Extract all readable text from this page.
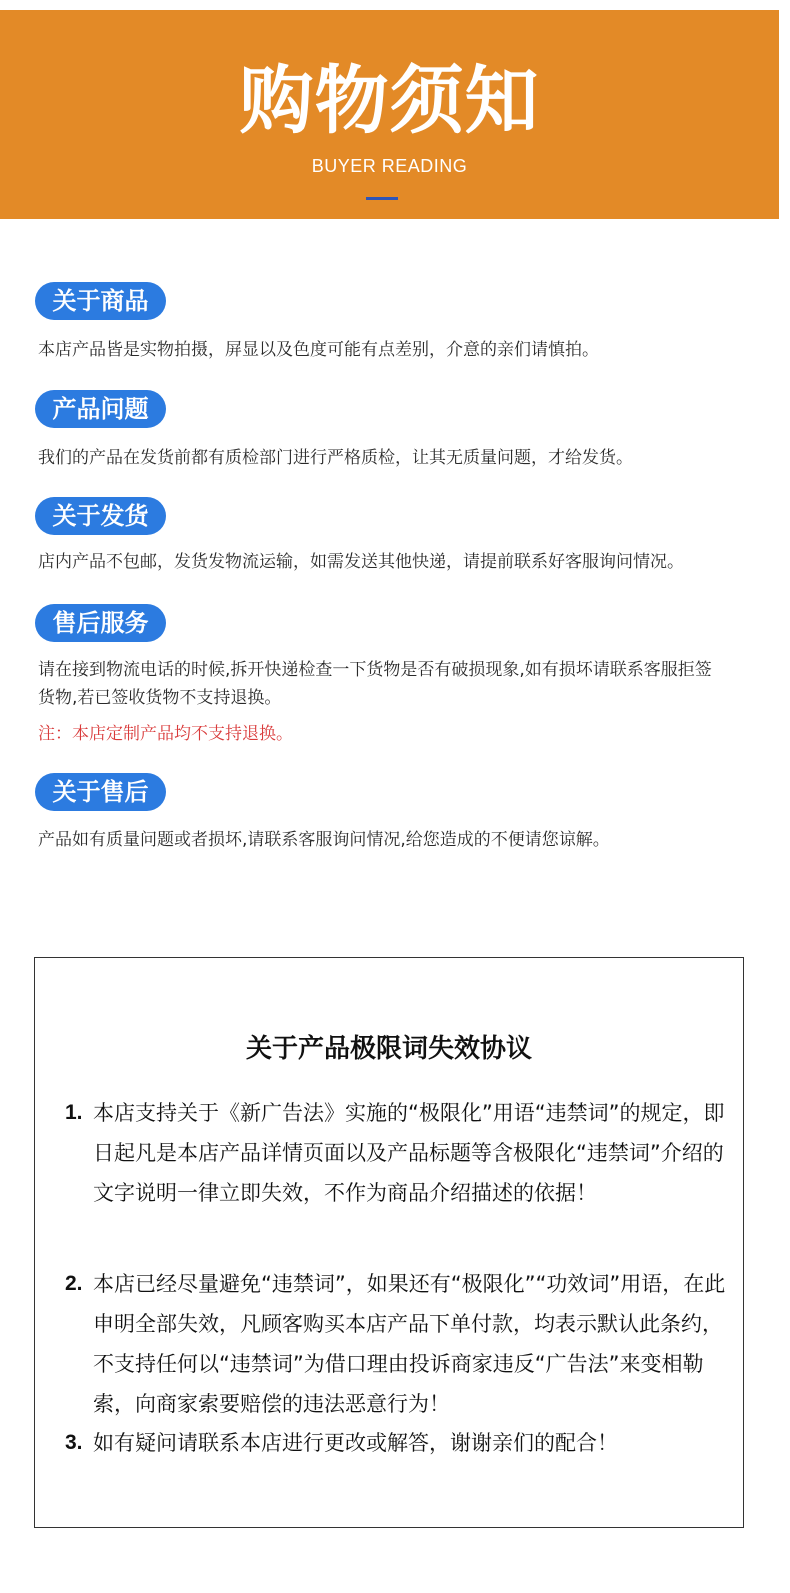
购物须知
BUYER READING
关于商品
本店产品皆是实物拍摄，屏显以及色度可能有点差别，介意的亲们请慎拍。
产品问题
我们的产品在发货前都有质检部门进行严格质检，让其无质量问题，才给发货。
关于发货
店内产品不包邮，发货发物流运输，如需发送其他快递，请提前联系好客服询问情况。
售后服务
请在接到物流电话的时候,拆开快递检查一下货物是否有破损现象,如有损坏请联系客服拒签货物,若已签收货物不支持退换。
注：本店定制产品均不支持退换。
关于售后
产品如有质量问题或者损坏,请联系客服询问情况,给您造成的不便请您谅解。
关于产品极限词失效协议
1. 本店支持关于《新广告法》实施的“极限化”用语“违禁词”的规定，即日起凡是本店产品详情页面以及产品标题等含极限化“违禁词”介绍的文字说明一律立即失效，不作为商品介绍描述的依据！
2. 本店已经尽量避免“违禁词”，如果还有“极限化”“功效词”用语，在此申明全部失效，凡顾客购买本店产品下单付款，均表示默认此条约，不支持任何以“违禁词”为借口理由投诉商家违反“广告法”来变相勒索，向商家索要赔偿的违法恶意行为！
3. 如有疑问请联系本店进行更改或解答，谢谢亲们的配合！
